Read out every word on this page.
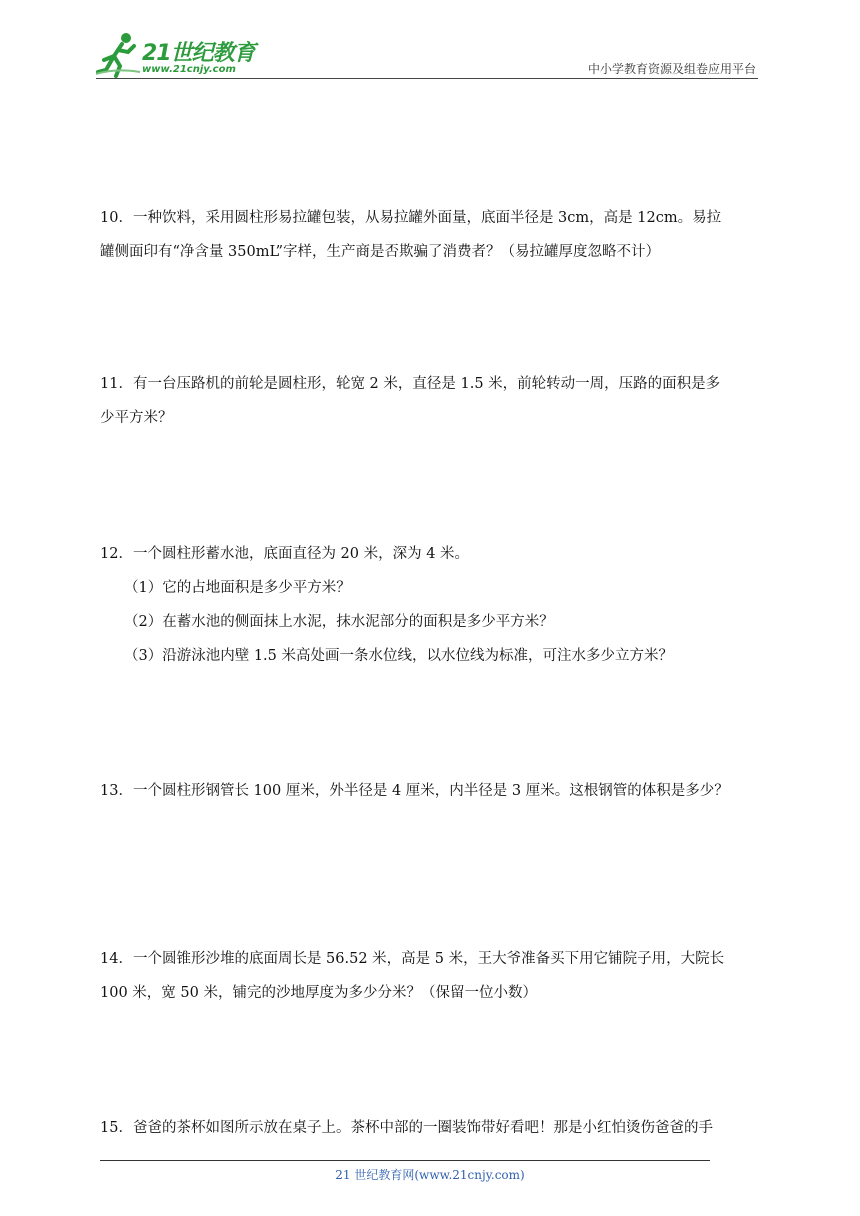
21世纪教育
www.21cnjy.com	中小学教育资源及组卷应用平台

10．一种饮料，采用圆柱形易拉罐包装，从易拉罐外面量，底面半径是 3cm，高是 12cm。易拉

罐侧面印有“净含量 350mL”字样，生产商是否欺骗了消费者？（易拉罐厚度忽略不计）

11．有一台压路机的前轮是圆柱形，轮宽 2 米，直径是 1.5 米，前轮转动一周，压路的面积是多

少平方米？

12．一个圆柱形蓄水池，底面直径为 20 米，深为 4 米。

（1）它的占地面积是多少平方米？

（2）在蓄水池的侧面抹上水泥，抹水泥部分的面积是多少平方米？

（3）沿游泳池内壁 1.5 米高处画一条水位线，以水位线为标准，可注水多少立方米？

13．一个圆柱形钢管长 100 厘米，外半径是 4 厘米，内半径是 3 厘米。这根钢管的体积是多少？

14．一个圆锥形沙堆的底面周长是 56.52 米，高是 5 米，王大爷准备买下用它铺院子用，大院长

100 米，宽 50 米，铺完的沙地厚度为多少分米？（保留一位小数）

15．爸爸的茶杯如图所示放在桌子上。茶杯中部的一圈装饰带好看吧！那是小红怕烫伤爸爸的手

21 世纪教育网(www.21cnjy.com)
